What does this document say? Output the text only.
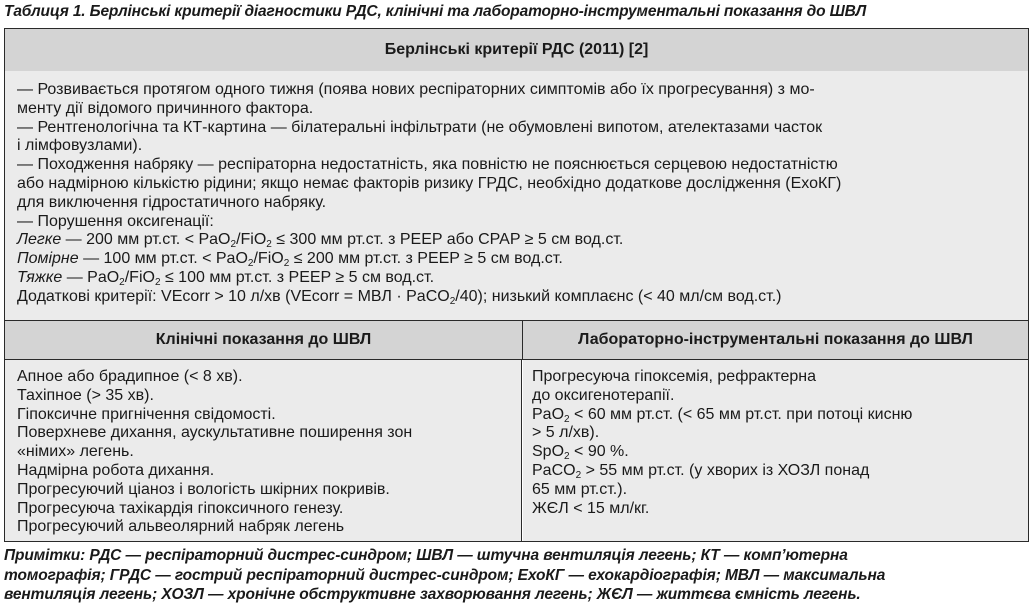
Таблиця 1. Берлінські критерії діагностики РДС, клінічні та лабораторно-інструментальні показання до ШВЛ
Берлінські критерії РДС (2011) [2]
— Розвивається протягом одного тижня (поява нових респіраторних симптомів або їх прогресування) з мо-
менту дії відомого причинного фактора.
— Рентгенологічна та КТ-картина — білатеральні інфільтрати (не обумовлені випотом, ателектазами часток
і лімфовузлами).
— Походження набряку — респіраторна недостатність, яка повністю не пояснюється серцевою недостатністю
або надмірною кількістю рідини; якщо немає факторів ризику ГРДС, необхідно додаткове дослідження (ЕхоКГ)
для виключення гідростатичного набряку.
— Порушення оксигенації:
Легке — 200 мм рт.ст. < PaO$_2$/FiO$_2$ ≤ 300 мм рт.ст. з PEEP або CPAP ≥ 5 см вод.ст.
Помірне — 100 мм рт.ст. < PaO$_2$/FiO$_2$ ≤ 200 мм рт.ст. з PEEP ≥ 5 см вод.ст.
Тяжке — PaO$_2$/FiO$_2$ ≤ 100 мм рт.ст. з PEEP ≥ 5 см вод.ст.
Додаткові критерії: VEcorr > 10 л/хв (VEcorr = МВЛ · PaCO$_2$/40); низький комплаєнс (< 40 мл/см вод.ст.)
Клінічні показання до ШВЛ	Лабораторно-інструментальні показання до ШВЛ
Апное або брадипное (< 8 хв).
Тахіпное (> 35 хв).
Гіпоксичне пригнічення свідомості.
Поверхневе дихання, аускультативне поширення зон
«німих» легень.
Надмірна робота дихання.
Прогресуючий ціаноз і вологість шкірних покривів.
Прогресуюча тахікардія гіпоксичного генезу.
Прогресуючий альвеолярний набряк легень
Прогресуюча гіпоксемія, рефрактерна
до оксигенотерапії.
PaO$_2$ < 60 мм рт.ст. (< 65 мм рт.ст. при потоці кисню
> 5 л/хв).
SpO$_2$ < 90 %.
PaCO$_2$ > 55 мм рт.ст. (у хворих із ХОЗЛ понад
65 мм рт.ст.).
ЖЄЛ < 15 мл/кг.
Примітки: РДС — респіраторний дистрес-синдром; ШВЛ — штучна вентиляція легень; КТ — комп’ютерна
томографія; ГРДС — гострий респіраторний дистрес-синдром; ЕхоКГ — ехокардіографія; МВЛ — максимальна
вентиляція легень; ХОЗЛ — хронічне обструктивне захворювання легень; ЖЄЛ — життєва ємність легень.
